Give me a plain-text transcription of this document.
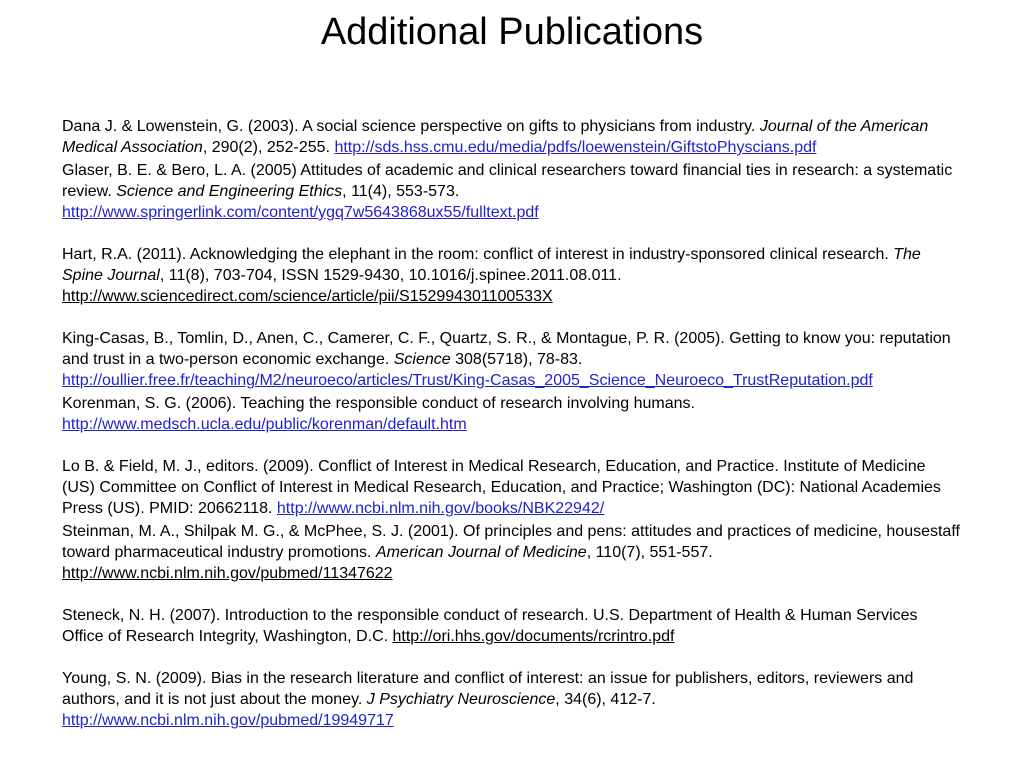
Additional Publications

Dana J. & Lowenstein, G. (2003). A social science perspective on gifts to physicians from industry. Journal of the American Medical Association, 290(2), 252-255. http://sds.hss.cmu.edu/media/pdfs/loewenstein/GiftstoPhyscians.pdf

Glaser, B. E. & Bero, L. A. (2005) Attitudes of academic and clinical researchers toward financial ties in research: a systematic review. Science and Engineering Ethics, 11(4), 553-573.
http://www.springerlink.com/content/ygq7w5643868ux55/fulltext.pdf

Hart, R.A. (2011). Acknowledging the elephant in the room: conflict of interest in industry-sponsored clinical research. The Spine Journal, 11(8), 703-704, ISSN 1529-9430, 10.1016/j.spinee.2011.08.011.
http://www.sciencedirect.com/science/article/pii/S152994301100533X

King-Casas, B., Tomlin, D., Anen, C., Camerer, C. F., Quartz, S. R., & Montague, P. R. (2005). Getting to know you: reputation and trust in a two-person economic exchange. Science 308(5718), 78-83.
http://oullier.free.fr/teaching/M2/neuroeco/articles/Trust/King-Casas_2005_Science_Neuroeco_TrustReputation.pdf

Korenman, S. G. (2006). Teaching the responsible conduct of research involving humans.
http://www.medsch.ucla.edu/public/korenman/default.htm

Lo B. & Field, M. J., editors. (2009). Conflict of Interest in Medical Research, Education, and Practice. Institute of Medicine (US) Committee on Conflict of Interest in Medical Research, Education, and Practice; Washington (DC): National Academies Press (US). PMID: 20662118. http://www.ncbi.nlm.nih.gov/books/NBK22942/

Steinman, M. A., Shilpak M. G., & McPhee, S. J. (2001). Of principles and pens: attitudes and practices of medicine, housestaff toward pharmaceutical industry promotions. American Journal of Medicine, 110(7), 551-557.
http://www.ncbi.nlm.nih.gov/pubmed/11347622

Steneck, N. H. (2007). Introduction to the responsible conduct of research. U.S. Department of Health & Human Services Office of Research Integrity, Washington, D.C. http://ori.hhs.gov/documents/rcrintro.pdf

Young, S. N. (2009). Bias in the research literature and conflict of interest: an issue for publishers, editors, reviewers and authors, and it is not just about the money. J Psychiatry Neuroscience, 34(6), 412-7.
http://www.ncbi.nlm.nih.gov/pubmed/19949717
